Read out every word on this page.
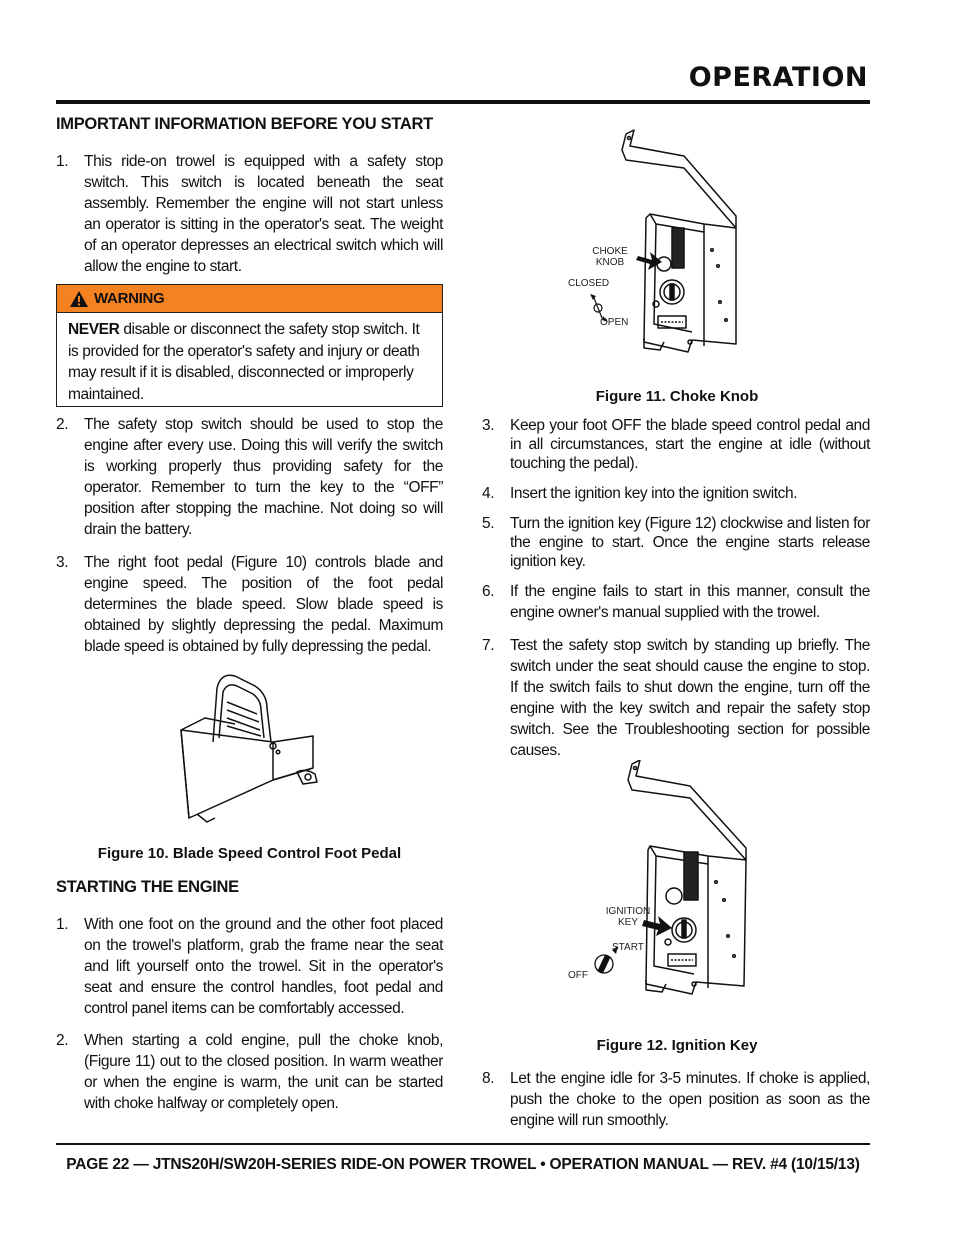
OPERATION
IMPORTANT INFORMATION BEFORE YOU START
1. This ride-on trowel is equipped with a safety stop switch. This switch is located beneath the seat assembly. Remember the engine will not start unless an operator is sitting in the operator's seat. The weight of an operator depresses an electrical switch which will allow the engine to start.
WARNING
NEVER disable or disconnect the safety stop switch. It is provided for the operator's safety and injury or death may result if it is disabled, disconnected or improperly maintained.
2. The safety stop switch should be used to stop the engine after every use. Doing this will verify the switch is working properly thus providing safety for the operator. Remember to turn the key to the “OFF” position after stopping the machine. Not doing so will drain the battery.
3. The right foot pedal (Figure 10) controls blade and engine speed. The position of the foot pedal determines the blade speed. Slow blade speed is obtained by slightly depressing the pedal. Maximum blade speed is obtained by fully depressing the pedal.
Figure 10. Blade Speed Control Foot Pedal
STARTING THE ENGINE
1. With one foot on the ground and the other foot placed on the trowel's platform, grab the frame near the seat and lift yourself onto the trowel. Sit in the operator's seat and ensure the control handles, foot pedal and control panel items can be comfortably accessed.
2. When starting a cold engine, pull the choke knob, (Figure 11) out to the closed position. In warm weather or when the engine is warm, the unit can be started with choke halfway or completely open.
CHOKE
KNOB
CLOSED
OPEN
Figure 11. Choke Knob
3. Keep your foot OFF the blade speed control pedal and in all circumstances, start the engine at idle (without touching the pedal).
4. Insert the ignition key into the ignition switch.
5. Turn the ignition key (Figure 12) clockwise and listen for the engine to start. Once the engine starts release ignition key.
6. If the engine fails to start in this manner, consult the engine owner's manual supplied with the trowel.
7. Test the safety stop switch by standing up briefly. The switch under the seat should cause the engine to stop. If the switch fails to shut down the engine, turn off the engine with the key switch and repair the safety stop switch. See the Troubleshooting section for possible causes.
IGNITION
KEY
START
OFF
Figure 12. Ignition Key
8. Let the engine idle for 3-5 minutes. If choke is applied, push the choke to the open position as soon as the engine will run smoothly.
PAGE 22 — JTNS20H/SW20H-SERIES RIDE-ON POWER TROWEL • OPERATION MANUAL — REV. #4 (10/15/13)
